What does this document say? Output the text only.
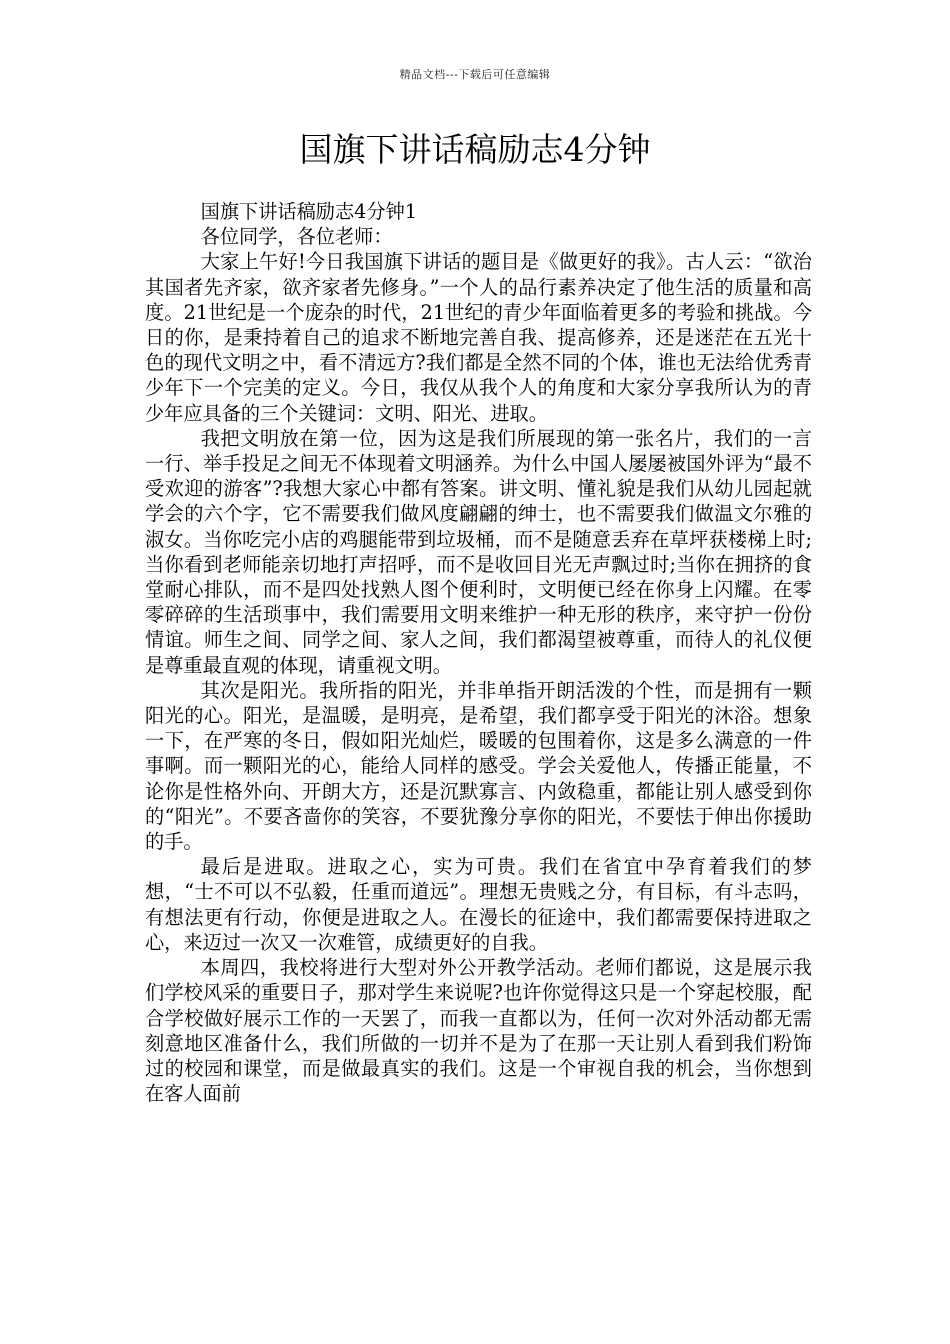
精品文档---下载后可任意编辑
国旗下讲话稿励志4分钟

国旗下讲话稿励志4分钟1

各位同学，各位老师：

大家上午好!今日我国旗下讲话的题目是《做更好的我》。古人云：“欲治其国者先齐家，欲齐家者先修身。”一个人的品行素养决定了他生活的质量和高度。21世纪是一个庞杂的时代，21世纪的青少年面临着更多的考验和挑战。今日的你，是秉持着自己的追求不断地完善自我、提高修养，还是迷茫在五光十色的现代文明之中，看不清远方?我们都是全然不同的个体，谁也无法给优秀青少年下一个完美的定义。今日，我仅从我个人的角度和大家分享我所认为的青少年应具备的三个关键词：文明、阳光、进取。

我把文明放在第一位，因为这是我们所展现的第一张名片，我们的一言一行、举手投足之间无不体现着文明涵养。为什么中国人屡屡被国外评为“最不受欢迎的游客”?我想大家心中都有答案。讲文明、懂礼貌是我们从幼儿园起就学会的六个字，它不需要我们做风度翩翩的绅士，也不需要我们做温文尔雅的淑女。当你吃完小店的鸡腿能带到垃圾桶，而不是随意丢弃在草坪获楼梯上时;当你看到老师能亲切地打声招呼，而不是收回目光无声飘过时;当你在拥挤的食堂耐心排队，而不是四处找熟人图个便利时，文明便已经在你身上闪耀。在零零碎碎的生活琐事中，我们需要用文明来维护一种无形的秩序，来守护一份份情谊。师生之间、同学之间、家人之间，我们都渴望被尊重，而待人的礼仪便是尊重最直观的体现，请重视文明。

其次是阳光。我所指的阳光，并非单指开朗活泼的个性，而是拥有一颗阳光的心。阳光，是温暖，是明亮，是希望，我们都享受于阳光的沐浴。想象一下，在严寒的冬日，假如阳光灿烂，暖暖的包围着你，这是多么满意的一件事啊。而一颗阳光的心，能给人同样的感受。学会关爱他人，传播正能量，不论你是性格外向、开朗大方，还是沉默寡言、内敛稳重，都能让别人感受到你的“阳光”。不要吝啬你的笑容，不要犹豫分享你的阳光，不要怯于伸出你援助的手。

最后是进取。进取之心，实为可贵。我们在省宜中孕育着我们的梦想，“士不可以不弘毅，任重而道远”。理想无贵贱之分，有目标，有斗志吗，有想法更有行动，你便是进取之人。在漫长的征途中，我们都需要保持进取之心，来迈过一次又一次难管，成绩更好的自我。

本周四，我校将进行大型对外公开教学活动。老师们都说，这是展示我们学校风采的重要日子，那对学生来说呢?也许你觉得这只是一个穿起校服，配合学校做好展示工作的一天罢了，而我一直都以为，任何一次对外活动都无需刻意地区准备什么，我们所做的一切并不是为了在那一天让别人看到我们粉饰过的校园和课堂，而是做最真实的我们。这是一个审视自我的机会，当你想到在客人面前
